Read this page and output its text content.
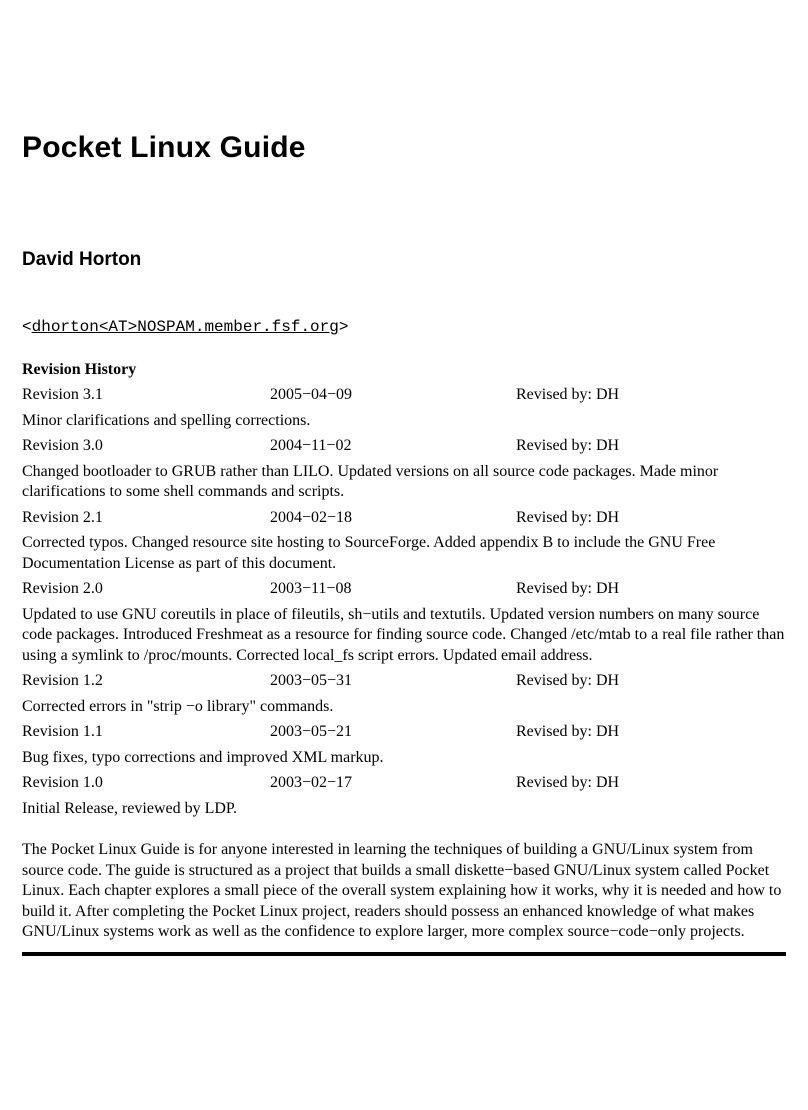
Pocket Linux Guide
David Horton

<dhorton<AT>NOSPAM.member.fsf.org>

Revision History

Revision 3.1	2005−04−09	Revised by: DH

Minor clarifications and spelling corrections.

Revision 3.0	2004−11−02	Revised by: DH

Changed bootloader to GRUB rather than LILO. Updated versions on all source code packages. Made minor clarifications to some shell commands and scripts.

Revision 2.1	2004−02−18	Revised by: DH

Corrected typos. Changed resource site hosting to SourceForge. Added appendix B to include the GNU Free Documentation License as part of this document.

Revision 2.0	2003−11−08	Revised by: DH

Updated to use GNU coreutils in place of fileutils, sh−utils and textutils. Updated version numbers on many source code packages. Introduced Freshmeat as a resource for finding source code. Changed /etc/mtab to a real file rather than using a symlink to /proc/mounts. Corrected local_fs script errors. Updated email address.

Revision 1.2	2003−05−31	Revised by: DH

Corrected errors in "strip −o library" commands.

Revision 1.1	2003−05−21	Revised by: DH

Bug fixes, typo corrections and improved XML markup.

Revision 1.0	2003−02−17	Revised by: DH

Initial Release, reviewed by LDP.

The Pocket Linux Guide is for anyone interested in learning the techniques of building a GNU/Linux system from source code. The guide is structured as a project that builds a small diskette−based GNU/Linux system called Pocket Linux. Each chapter explores a small piece of the overall system explaining how it works, why it is needed and how to build it. After completing the Pocket Linux project, readers should possess an enhanced knowledge of what makes GNU/Linux systems work as well as the confidence to explore larger, more complex source−code−only projects.
